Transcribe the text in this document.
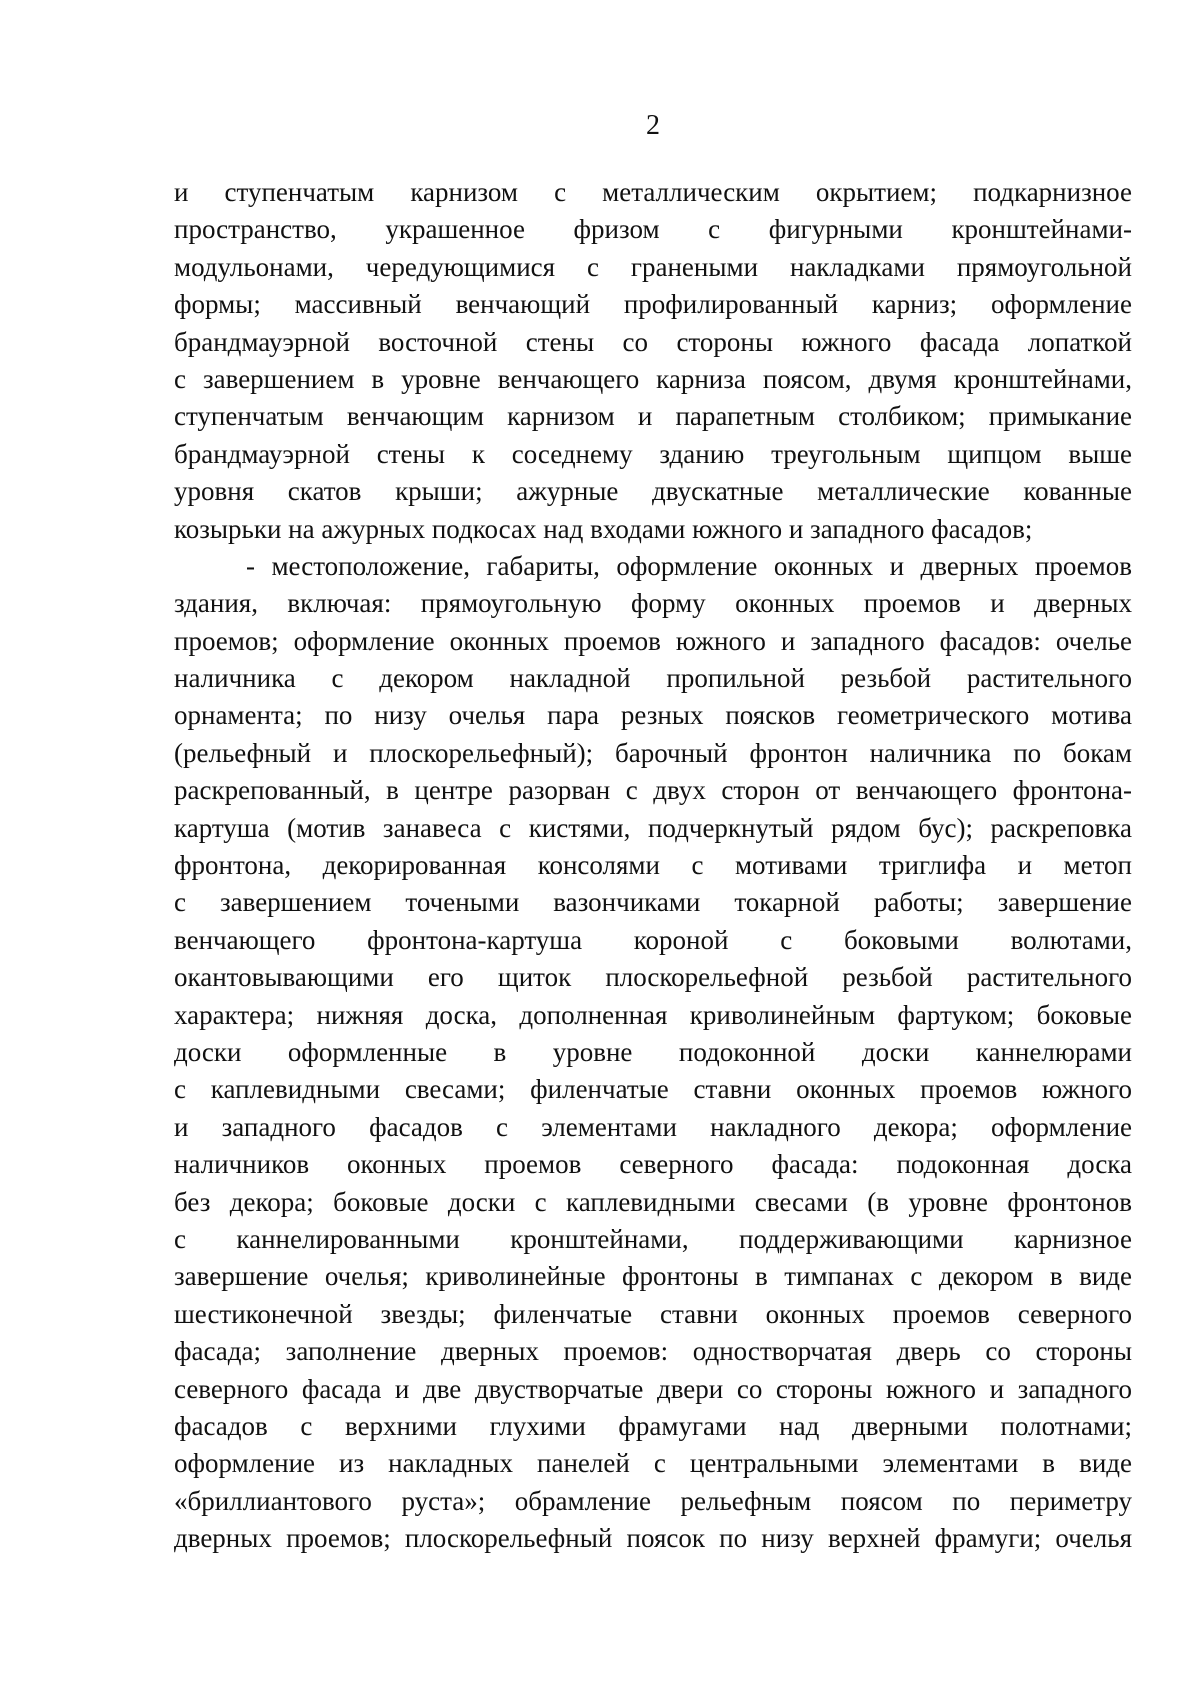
2
и ступенчатым карнизом с металлическим окрытием; подкарнизное
пространство, украшенное фризом с фигурными кронштейнами-
модульонами, чередующимися с гранеными накладками прямоугольной
формы; массивный венчающий профилированный карниз; оформление
брандмауэрной восточной стены со стороны южного фасада лопаткой
с завершением в уровне венчающего карниза поясом, двумя кронштейнами,
ступенчатым венчающим карнизом и парапетным столбиком; примыкание
брандмауэрной стены к соседнему зданию треугольным щипцом выше
уровня скатов крыши; ажурные двускатные металлические кованные
козырьки на ажурных подкосах над входами южного и западного фасадов;
- местоположение, габариты, оформление оконных и дверных проемов
здания, включая: прямоугольную форму оконных проемов и дверных
проемов; оформление оконных проемов южного и западного фасадов: очелье
наличника с декором накладной пропильной резьбой растительного
орнамента; по низу очелья пара резных поясков геометрического мотива
(рельефный и плоскорельефный); барочный фронтон наличника по бокам
раскрепованный, в центре разорван с двух сторон от венчающего фронтона-
картуша (мотив занавеса с кистями, подчеркнутый рядом бус); раскреповка
фронтона, декорированная консолями с мотивами триглифа и метоп
с завершением точеными вазончиками токарной работы; завершение
венчающего фронтона-картуша короной с боковыми волютами,
окантовывающими его щиток плоскорельефной резьбой растительного
характера; нижняя доска, дополненная криволинейным фартуком; боковые
доски оформленные в уровне подоконной доски каннелюрами
с каплевидными свесами; филенчатые ставни оконных проемов южного
и западного фасадов с элементами накладного декора; оформление
наличников оконных проемов северного фасада: подоконная доска
без декора; боковые доски с каплевидными свесами (в уровне фронтонов
с каннелированными кронштейнами, поддерживающими карнизное
завершение очелья; криволинейные фронтоны в тимпанах с декором в виде
шестиконечной звезды; филенчатые ставни оконных проемов северного
фасада; заполнение дверных проемов: одностворчатая дверь со стороны
северного фасада и две двустворчатые двери со стороны южного и западного
фасадов с верхними глухими фрамугами над дверными полотнами;
оформление из накладных панелей с центральными элементами в виде
«бриллиантового руста»; обрамление рельефным поясом по периметру
дверных проемов; плоскорельефный поясок по низу верхней фрамуги; очелья
